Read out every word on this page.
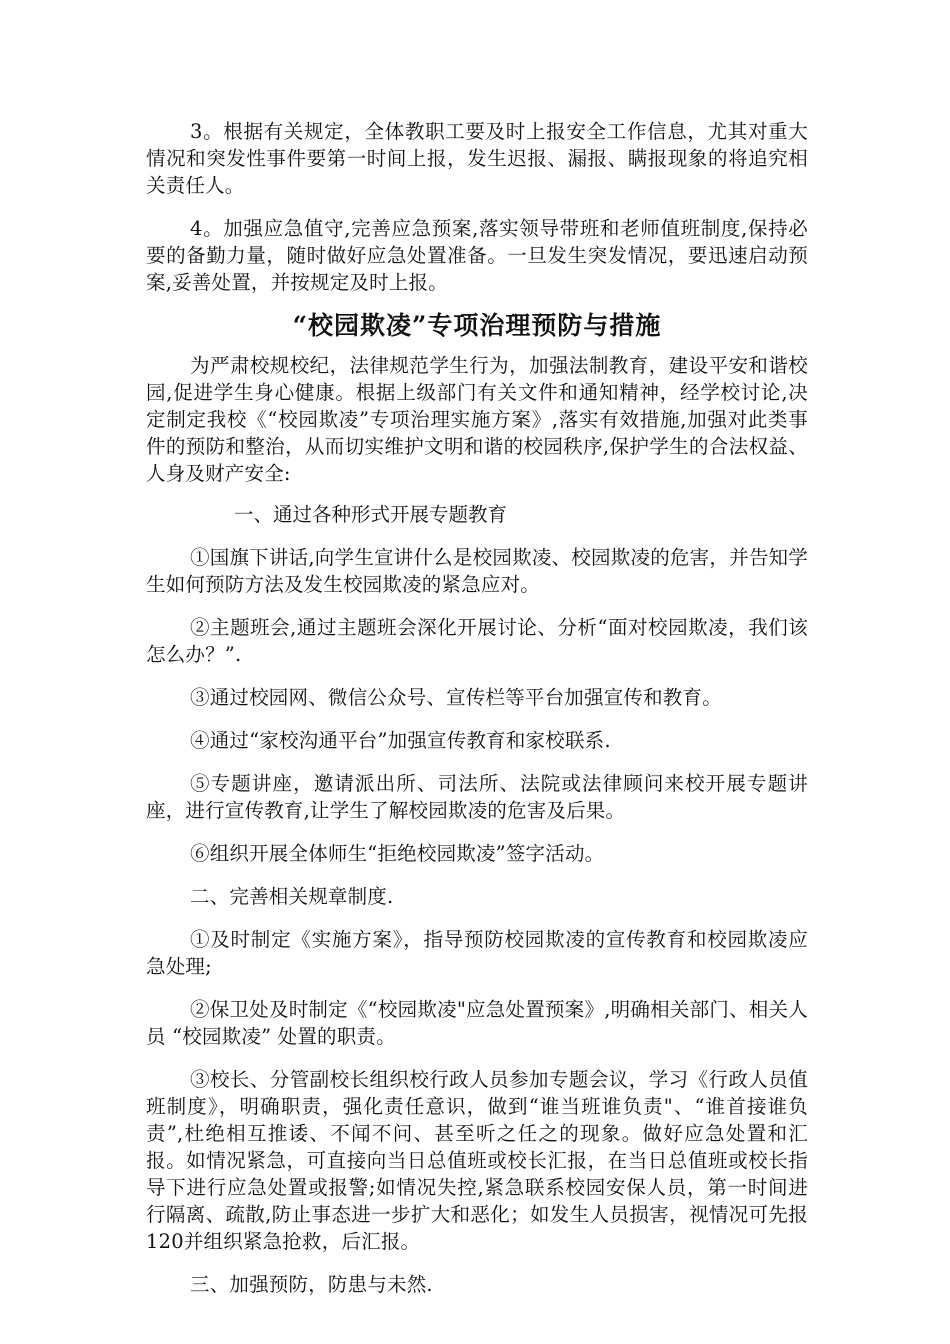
3。根据有关规定，全体教职工要及时上报安全工作信息，尤其对重大情况和突发性事件要第一时间上报，发生迟报、漏报、瞒报现象的将追究相关责任人。

4。加强应急值守,完善应急预案,落实领导带班和老师值班制度,保持必要的备勤力量，随时做好应急处置准备。一旦发生突发情况，要迅速启动预案,妥善处置，并按规定及时上报。

“校园欺凌”专项治理预防与措施

为严肃校规校纪，法律规范学生行为，加强法制教育，建设平安和谐校园,促进学生身心健康。根据上级部门有关文件和通知精神，经学校讨论,决定制定我校《“校园欺凌”专项治理实施方案》,落实有效措施,加强对此类事件的预防和整治，从而切实维护文明和谐的校园秩序,保护学生的合法权益、人身及财产安全:

一、通过各种形式开展专题教育

①国旗下讲话,向学生宣讲什么是校园欺凌、校园欺凌的危害，并告知学生如何预防方法及发生校园欺凌的紧急应对。

②主题班会,通过主题班会深化开展讨论、分析“面对校园欺凌，我们该怎么办？”.

③通过校园网、微信公众号、宣传栏等平台加强宣传和教育。

④通过“家校沟通平台”加强宣传教育和家校联系.

⑤专题讲座，邀请派出所、司法所、法院或法律顾问来校开展专题讲座，进行宣传教育,让学生了解校园欺凌的危害及后果。

⑥组织开展全体师生“拒绝校园欺凌”签字活动。

二、完善相关规章制度.

①及时制定《实施方案》，指导预防校园欺凌的宣传教育和校园欺凌应急处理;

②保卫处及时制定《“校园欺凌"应急处置预案》,明确相关部门、相关人员 “校园欺凌” 处置的职责。

③校长、分管副校长组织校行政人员参加专题会议，学习《行政人员值班制度》，明确职责，强化责任意识，做到“谁当班谁负责"、“谁首接谁负责”,杜绝相互推诿、不闻不问、甚至听之任之的现象。做好应急处置和汇报。如情况紧急，可直接向当日总值班或校长汇报，在当日总值班或校长指导下进行应急处置或报警;如情况失控,紧急联系校园安保人员，第一时间进行隔离、疏散,防止事态进一步扩大和恶化；如发生人员损害，视情况可先报120并组织紧急抢救，后汇报。

三、加强预防，防患与未然.
